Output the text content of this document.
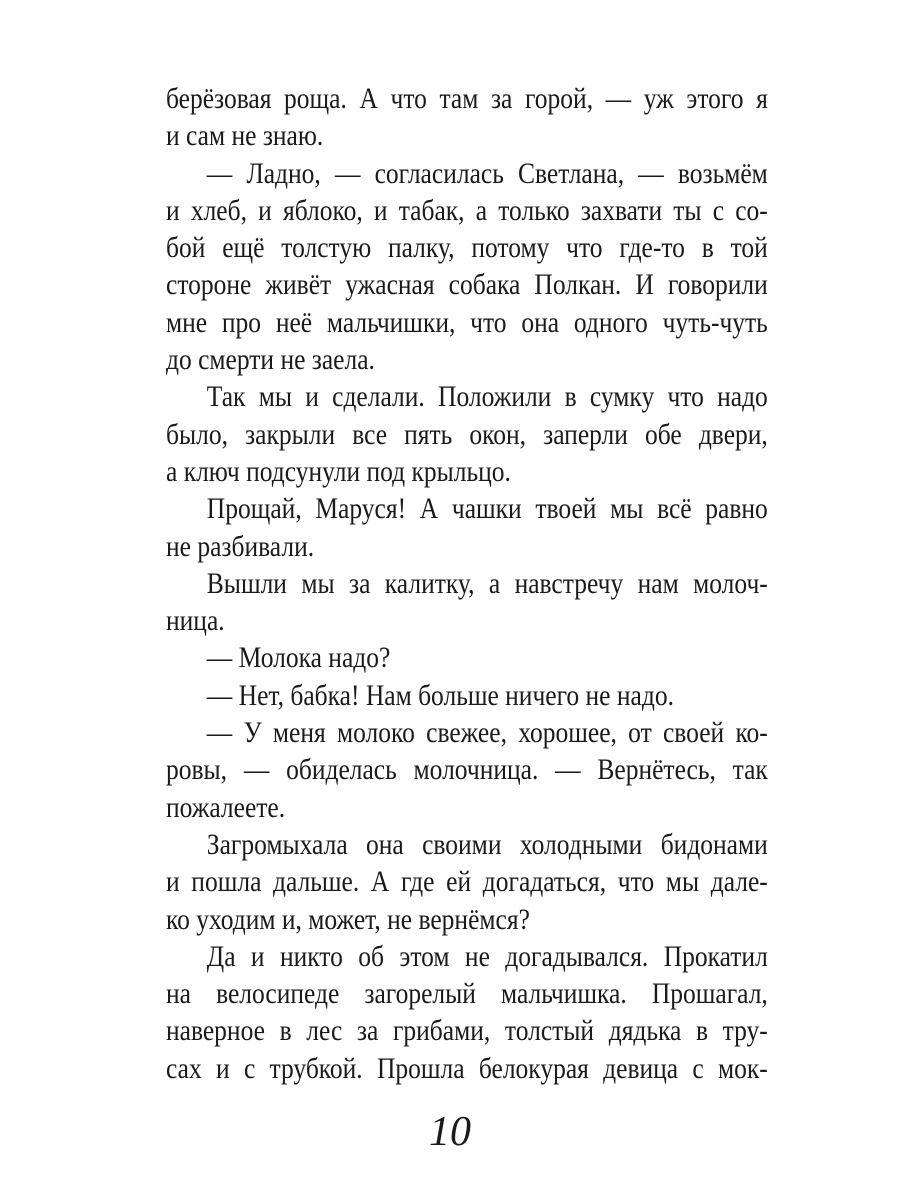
берёзовая роща. А что там за горой, — уж этого я
и сам не знаю.
— Ладно, — согласилась Светлана, — возьмём
и хлеб, и яблоко, и табак, а только захвати ты с со-
бой ещё толстую палку, потому что где-то в той
стороне живёт ужасная собака Полкан. И говорили
мне про неё мальчишки, что она одного чуть-чуть
до смерти не заела.
Так мы и сделали. Положили в сумку что надо
было, закрыли все пять окон, заперли обе двери,
а ключ подсунули под крыльцо.
Прощай, Маруся! А чашки твоей мы всё равно
не разбивали.
Вышли мы за калитку, а навстречу нам молоч-
ница.
— Молока надо?
— Нет, бабка! Нам больше ничего не надо.
— У меня молоко свежее, хорошее, от своей ко-
ровы, — обиделась молочница. — Вернётесь, так
пожалеете.
Загромыхала она своими холодными бидонами
и пошла дальше. А где ей догадаться, что мы дале-
ко уходим и, может, не вернёмся?
Да и никто об этом не догадывался. Прокатил
на велосипеде загорелый мальчишка. Прошагал,
наверное в лес за грибами, толстый дядька в тру-
сах и с трубкой. Прошла белокурая девица с мок-
10
